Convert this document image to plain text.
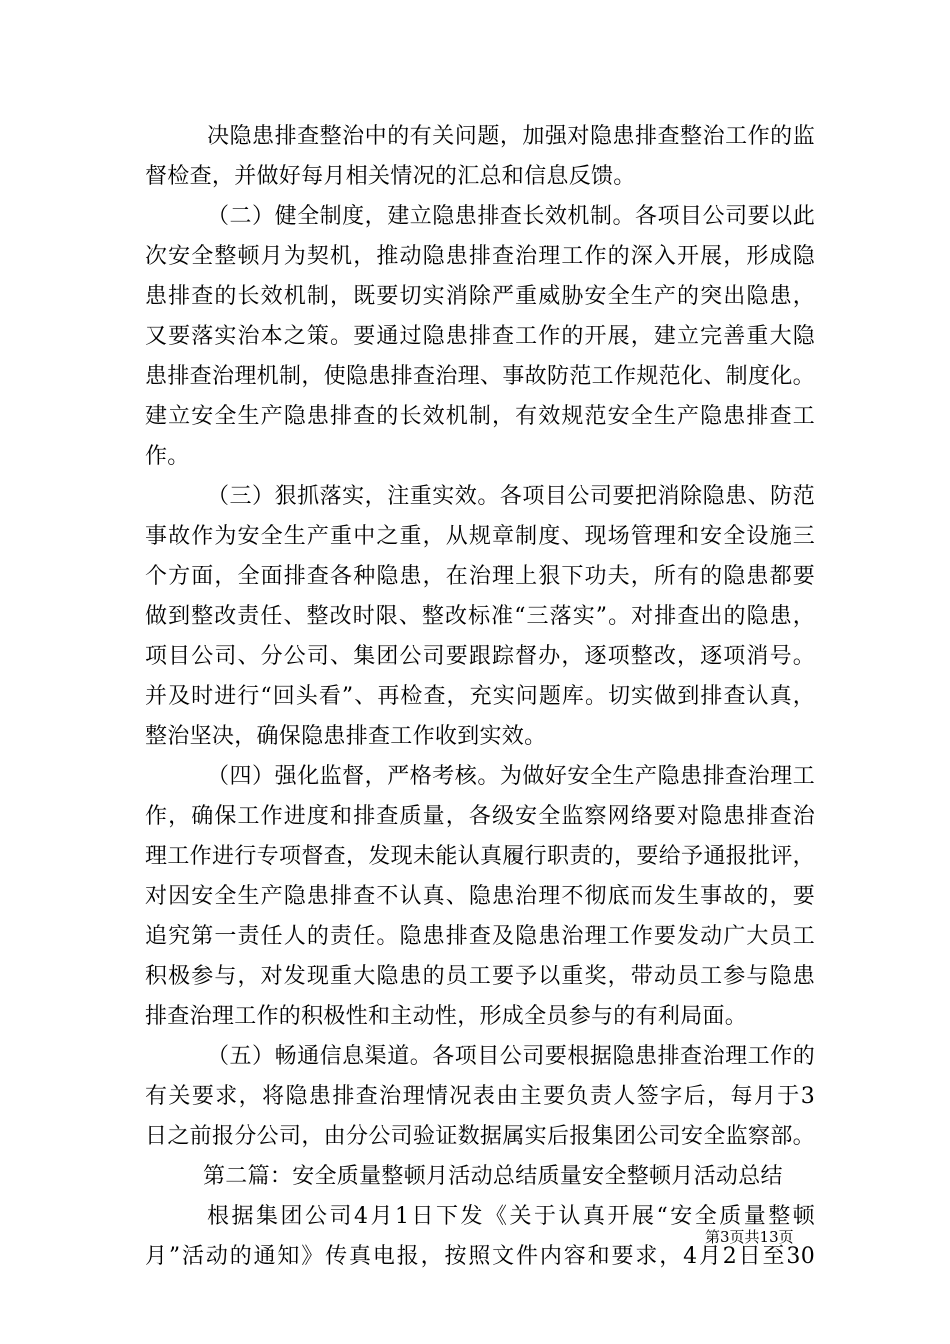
决隐患排查整治中的有关问题，加强对隐患排查整治工作的监
督检查，并做好每月相关情况的汇总和信息反馈。
（二）健全制度，建立隐患排查长效机制。各项目公司要以此
次安全整顿月为契机，推动隐患排查治理工作的深入开展，形成隐
患排查的长效机制，既要切实消除严重威胁安全生产的突出隐患，
又要落实治本之策。要通过隐患排查工作的开展，建立完善重大隐
患排查治理机制，使隐患排查治理、事故防范工作规范化、制度化。
建立安全生产隐患排查的长效机制，有效规范安全生产隐患排查工
作。
（三）狠抓落实，注重实效。各项目公司要把消除隐患、防范
事故作为安全生产重中之重，从规章制度、现场管理和安全设施三
个方面，全面排查各种隐患，在治理上狠下功夫，所有的隐患都要
做到整改责任、整改时限、整改标准“三落实”。对排查出的隐患，
项目公司、分公司、集团公司要跟踪督办，逐项整改，逐项消号。
并及时进行“回头看”、再检查，充实问题库。切实做到排查认真，
整治坚决，确保隐患排查工作收到实效。
（四）强化监督，严格考核。为做好安全生产隐患排查治理工
作，确保工作进度和排查质量，各级安全监察网络要对隐患排查治
理工作进行专项督查，发现未能认真履行职责的，要给予通报批评，
对因安全生产隐患排查不认真、隐患治理不彻底而发生事故的，要
追究第一责任人的责任。隐患排查及隐患治理工作要发动广大员工
积极参与，对发现重大隐患的员工要予以重奖，带动员工参与隐患
排查治理工作的积极性和主动性，形成全员参与的有利局面。
（五）畅通信息渠道。各项目公司要根据隐患排查治理工作的
有关要求，将隐患排查治理情况表由主要负责人签字后，每月于3
日之前报分公司，由分公司验证数据属实后报集团公司安全监察部。
第二篇：安全质量整顿月活动总结质量安全整顿月活动总结
根据集团公司4月1日下发《关于认真开展“安全质量整顿
月”活动的通知》传真电报，按照文件内容和要求，4月2日至30
第3页共13页
